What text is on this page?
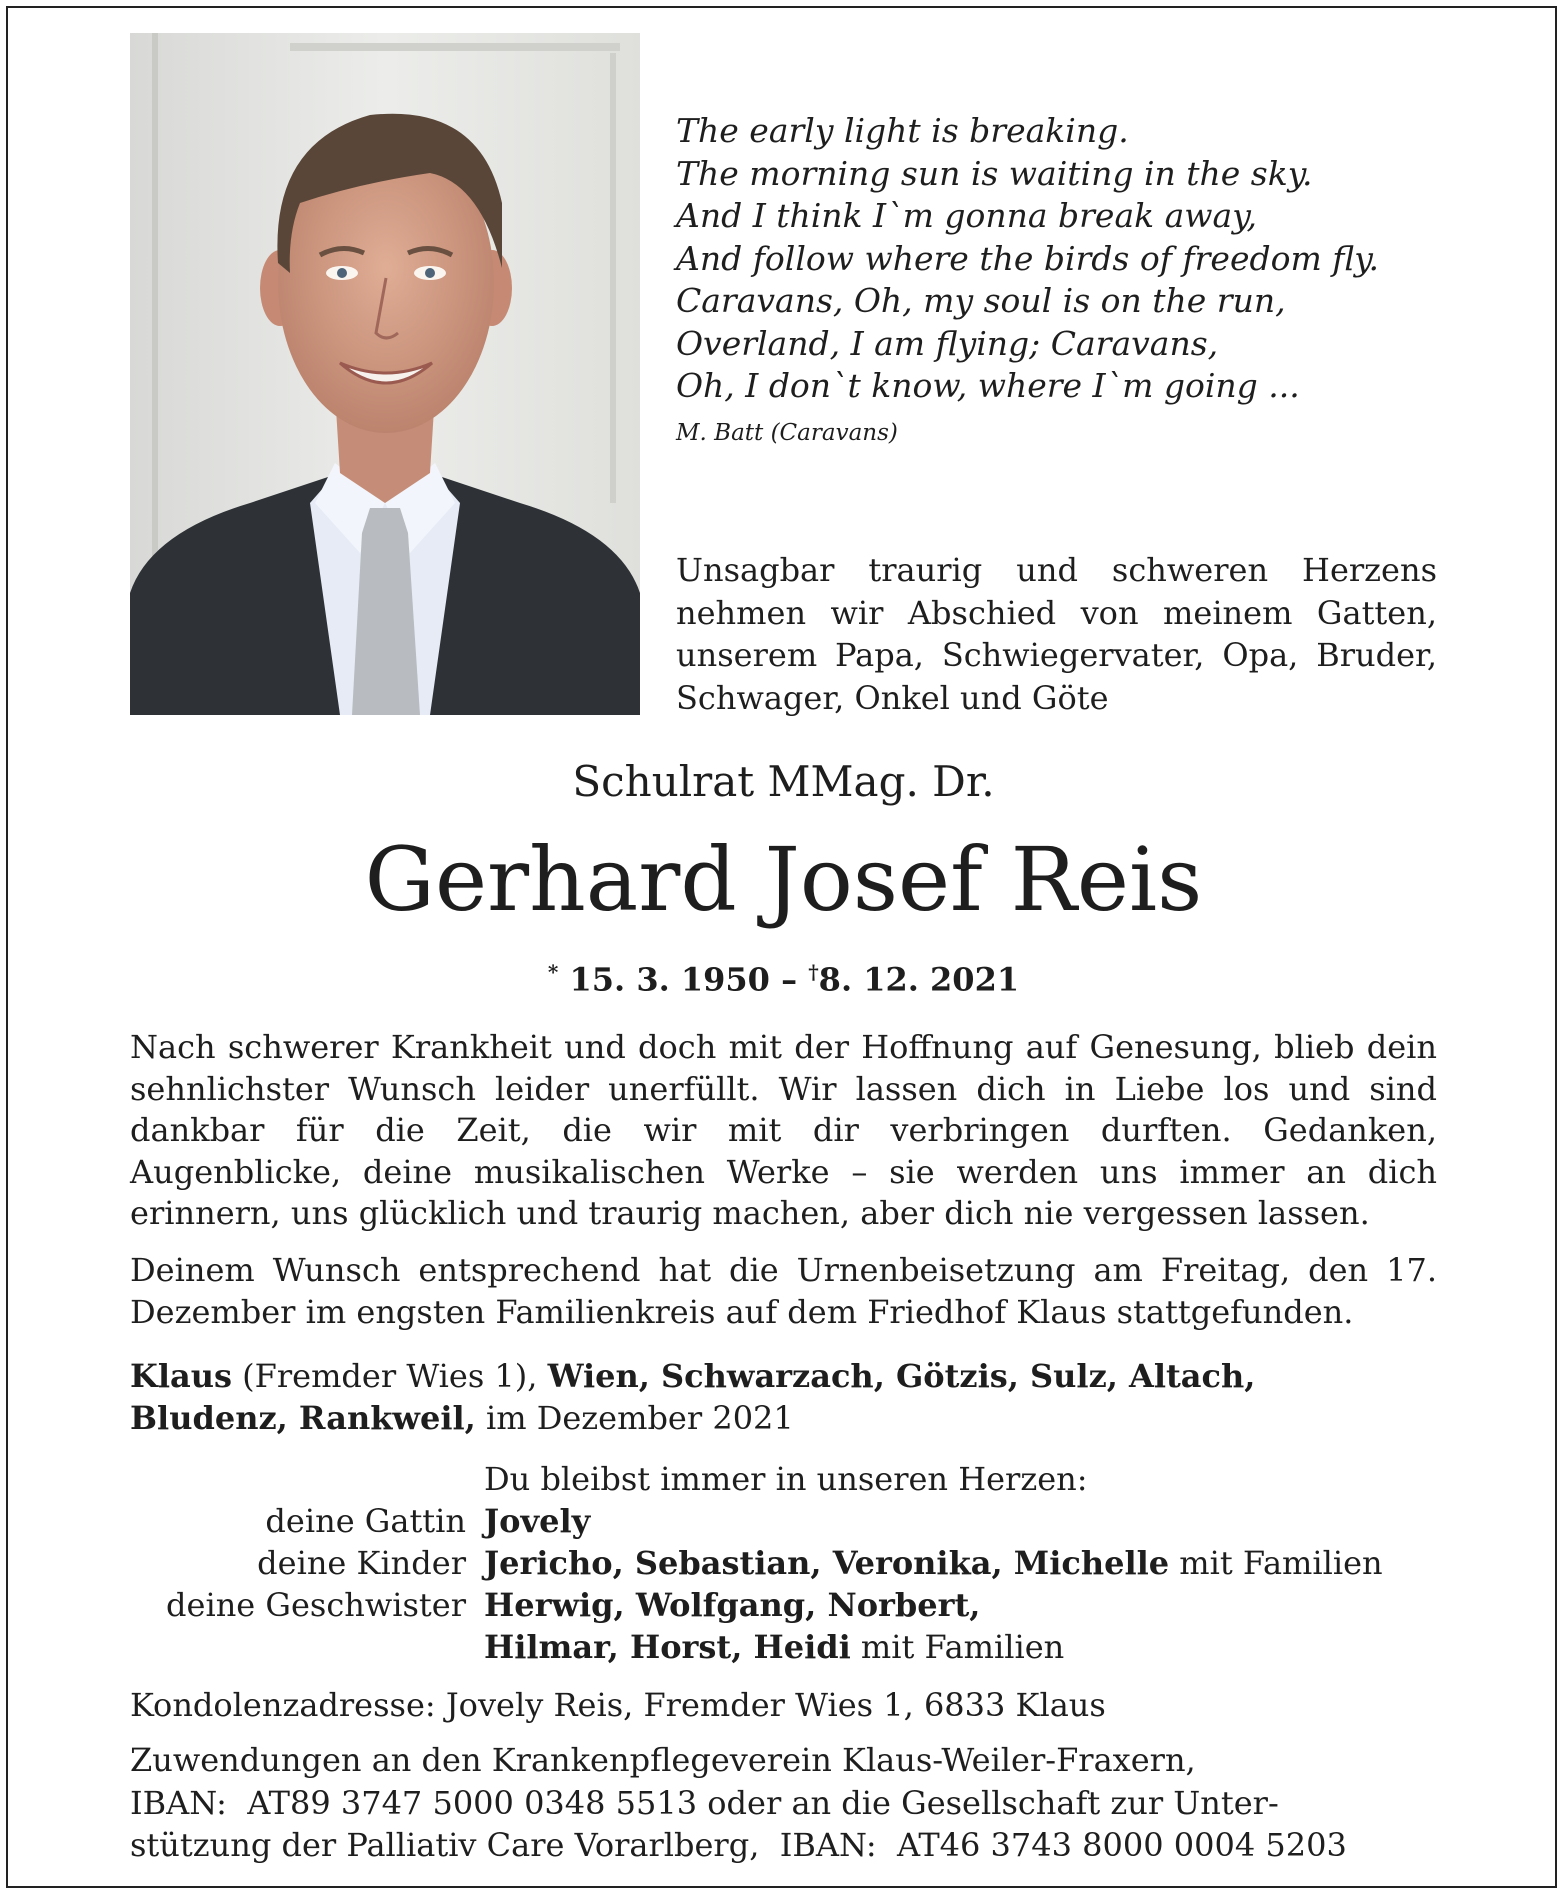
The early light is breaking.
The morning sun is waiting in the sky.
And I think I`m gonna break away,
And follow where the birds of freedom fly.
Caravans, Oh, my soul is on the run,
Overland, I am flying; Caravans,
Oh, I don`t know, where I`m going ...
M. Batt (Caravans)

Unsagbar traurig und schweren Herzens nehmen wir Abschied von meinem Gatten, unserem Papa, Schwiegervater, Opa, Bruder, Schwager, Onkel und Göte

Schulrat MMag. Dr.
Gerhard Josef Reis
* 15. 3. 1950 – †8. 12. 2021
Nach schwerer Krankheit und doch mit der Hoffnung auf Genesung, blieb dein sehnlichster Wunsch leider unerfüllt. Wir lassen dich in Liebe los und sind dankbar für die Zeit, die wir mit dir verbringen durften. Gedanken, Augenblicke, deine musikalischen Werke – sie werden uns immer an dich
erinnern, uns glücklich und traurig machen, aber dich nie vergessen lassen.
Deinem Wunsch entsprechend hat die Urnenbeisetzung am Freitag, den 17.
Dezember im engsten Familienkreis auf dem Friedhof Klaus stattgefunden.
Klaus (Fremder Wies 1), Wien, Schwarzach, Götzis, Sulz, Altach,
Bludenz, Rankweil, im Dezember 2021
Du bleibst immer in unseren Herzen:
deine Gattin	Jovely
deine Kinder	Jericho, Sebastian, Veronika, Michelle mit Familien
deine Geschwister	Herwig, Wolfgang, Norbert,
	Hilmar, Horst, Heidi mit Familien
Kondolenzadresse: Jovely Reis, Fremder Wies 1, 6833 Klaus
Zuwendungen an den Krankenpflegeverein Klaus-Weiler-Fraxern,
IBAN:  AT89 3747 5000 0348 5513 oder an die Gesellschaft zur Unter-
stützung der Palliativ Care Vorarlberg,  IBAN:  AT46 3743 8000 0004 5203
